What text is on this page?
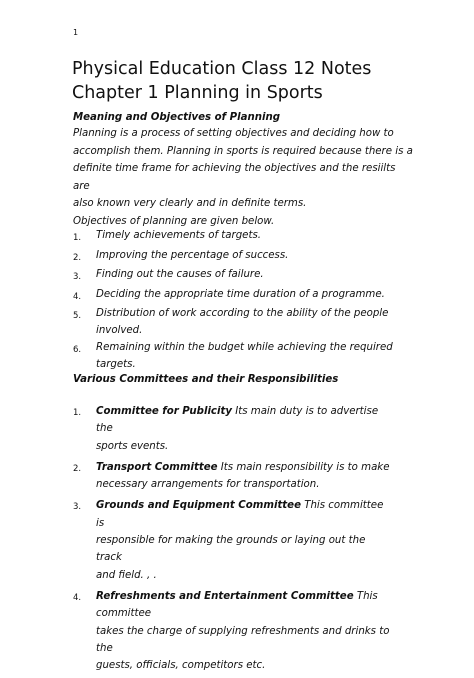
1
Physical Education Class 12 Notes
Chapter 1 Planning in Sports
Meaning and Objectives of Planning

Planning is a process of setting objectives and deciding how to
accomplish them. Planning in sports is required because there is a
definite time frame for achieving the objectives and the resiilts are
also known very clearly and in definite terms.
Objectives of planning are given below.

1.	Timely achievements of targets.
2.	Improving the percentage of success.
3.	Finding out the causes of failure.
4.	Deciding the appropriate time duration of a programme.
5.	Distribution of work according to the ability of the people
involved.
6.	Remaining within the budget while achieving the required
targets.
Various Committees and their Responsibilities
1.	Committee for Publicity Its main duty is to advertise the
sports events.
2.	Transport Committee Its main responsibility is to make
necessary arrangements for transportation.
3.	Grounds and Equipment Committee This committee is
responsible for making the grounds or laying out the track
and field. , .
4.	Refreshments and Entertainment Committee This committee
takes the charge of supplying refreshments and drinks to the
guests, officials, competitors etc.
